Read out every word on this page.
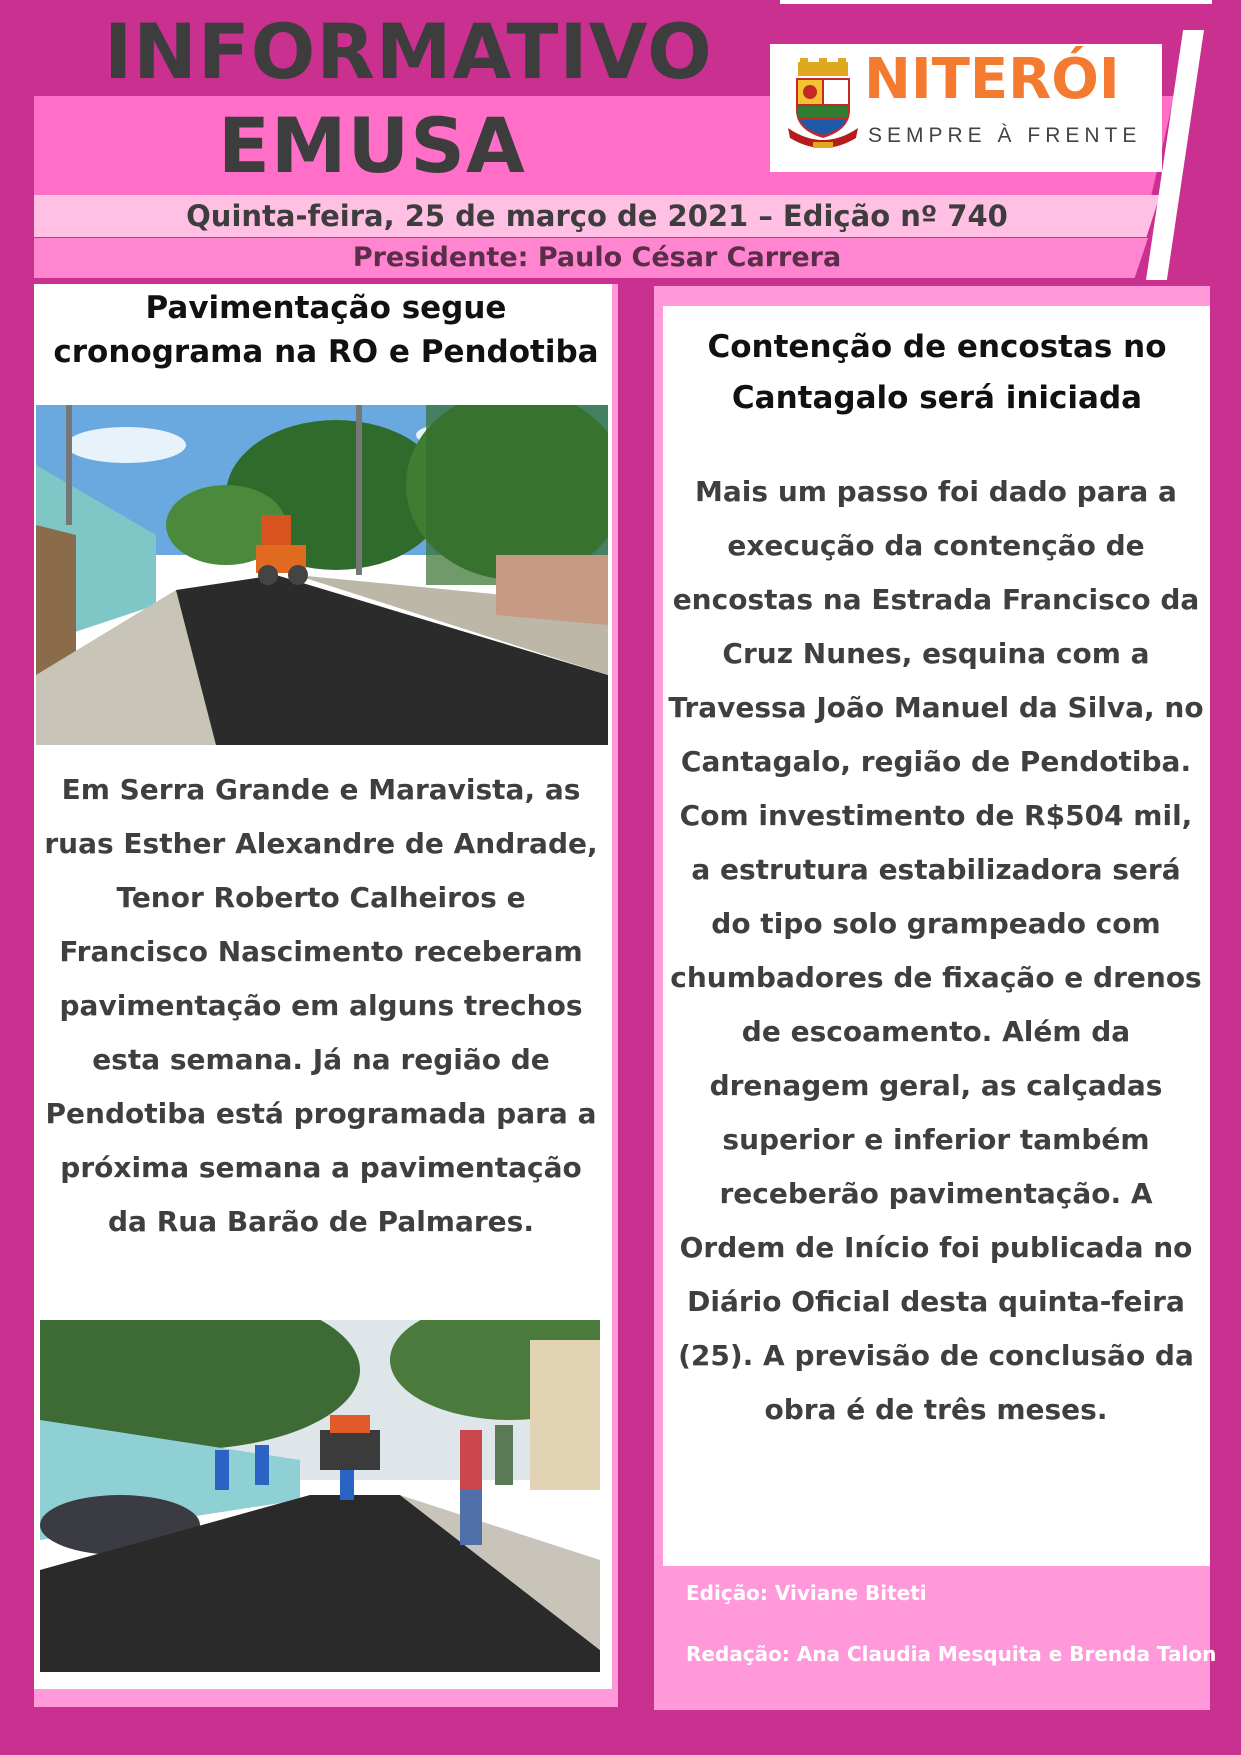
INFORMATIVO
EMUSA

NITERÓI

SEMPRE À FRENTE

Quinta-feira, 25 de março de 2021 – Edição nº 740
Presidente: Paulo César Carrera
Pavimentação segue cronograma na RO e Pendotiba

Em Serra Grande e Maravista, as ruas Esther Alexandre de Andrade, Tenor Roberto Calheiros e Francisco Nascimento receberam pavimentação em alguns trechos esta semana. Já na região de Pendotiba está programada para a próxima semana a pavimentação da Rua Barão de Palmares.

Contenção de encostas no Cantagalo será iniciada

Mais um passo foi dado para a execução da contenção de encostas na Estrada Francisco da Cruz Nunes, esquina com a Travessa João Manuel da Silva, no Cantagalo, região de Pendotiba. Com investimento de R$504 mil, a estrutura estabilizadora será do tipo solo grampeado com chumbadores de fixação e drenos de escoamento. Além da drenagem geral, as calçadas superior e inferior também receberão pavimentação. A Ordem de Início foi publicada no Diário Oficial desta quinta-feira (25). A previsão de conclusão da obra é de três meses.

Edição: Viviane Biteti

Redação: Ana Claudia Mesquita e Brenda Talon
